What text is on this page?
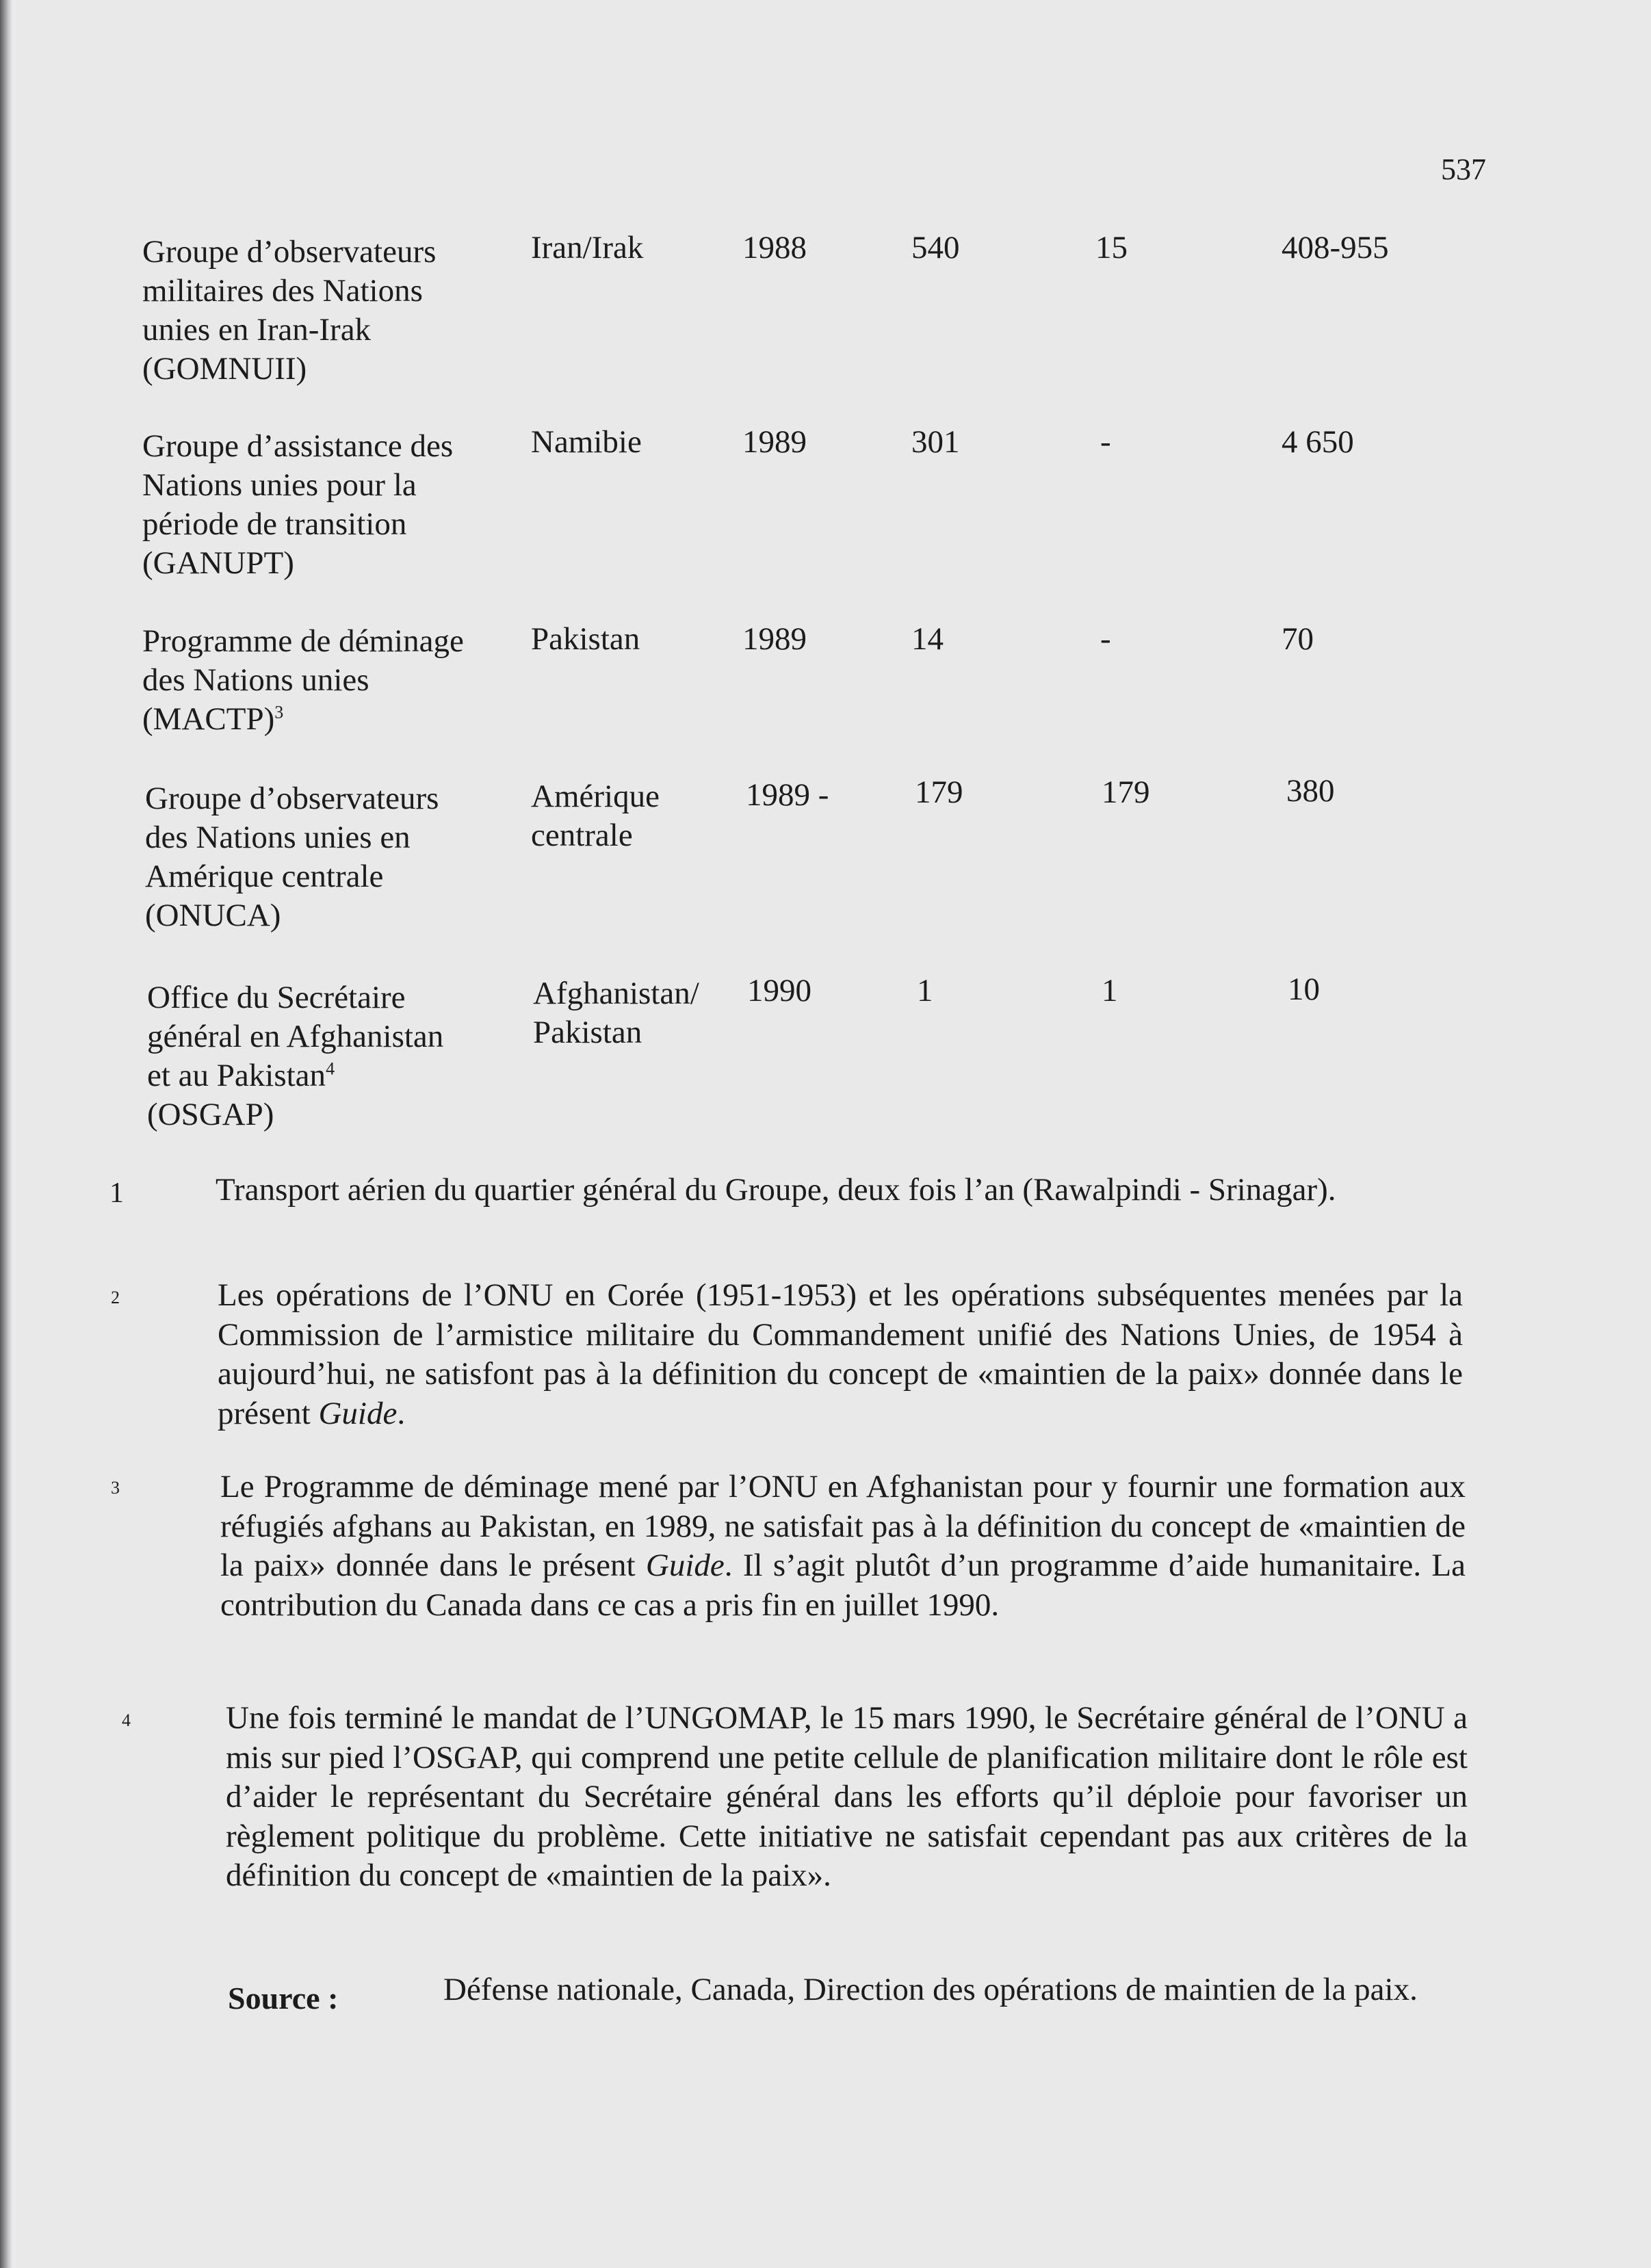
537
Groupe d’observateurs
militaires des Nations
unies en Iran-Irak
(GOMNUII)
Iran/Irak	1988	540	15	408-955
Groupe d’assistance des
Nations unies pour la
période de transition
(GANUPT)
Namibie	1989	301	-	4 650
Programme de déminage
des Nations unies
(MACTP)$^3$
Pakistan	1989	14	-	70
Groupe d’observateurs
des Nations unies en
Amérique centrale
(ONUCA)
Amérique
centrale
1989 -	179	179	380
Office du Secrétaire
général en Afghanistan
et au Pakistan$^4$
(OSGAP)
Afghanistan/
Pakistan
1990	1	1	10
1	Transport aérien du quartier général du Groupe, deux fois l’an (Rawalpindi - Srinagar).
2	Les opérations de l’ONU en Corée (1951-1953) et les opérations subséquentes menées par la Commission de l’armistice militaire du Commandement unifié des Nations Unies, de 1954 à aujourd’hui, ne satisfont pas à la définition du concept de «maintien de la paix» donnée dans le présent Guide.
3	Le Programme de déminage mené par l’ONU en Afghanistan pour y fournir une formation aux réfugiés afghans au Pakistan, en 1989, ne satisfait pas à la définition du concept de «maintien de la paix» donnée dans le présent Guide. Il s’agit plutôt d’un programme d’aide humanitaire. La contribution du Canada dans ce cas a pris fin en juillet 1990.
4	Une fois terminé le mandat de l’UNGOMAP, le 15 mars 1990, le Secrétaire général de l’ONU a mis sur pied l’OSGAP, qui comprend une petite cellule de planification militaire dont le rôle est d’aider le représentant du Secrétaire général dans les efforts qu’il déploie pour favoriser un règlement politique du problème. Cette initiative ne satisfait cependant pas aux critères de la définition du concept de «maintien de la paix».
Source :	Défense nationale, Canada, Direction des opérations de maintien de la paix.
